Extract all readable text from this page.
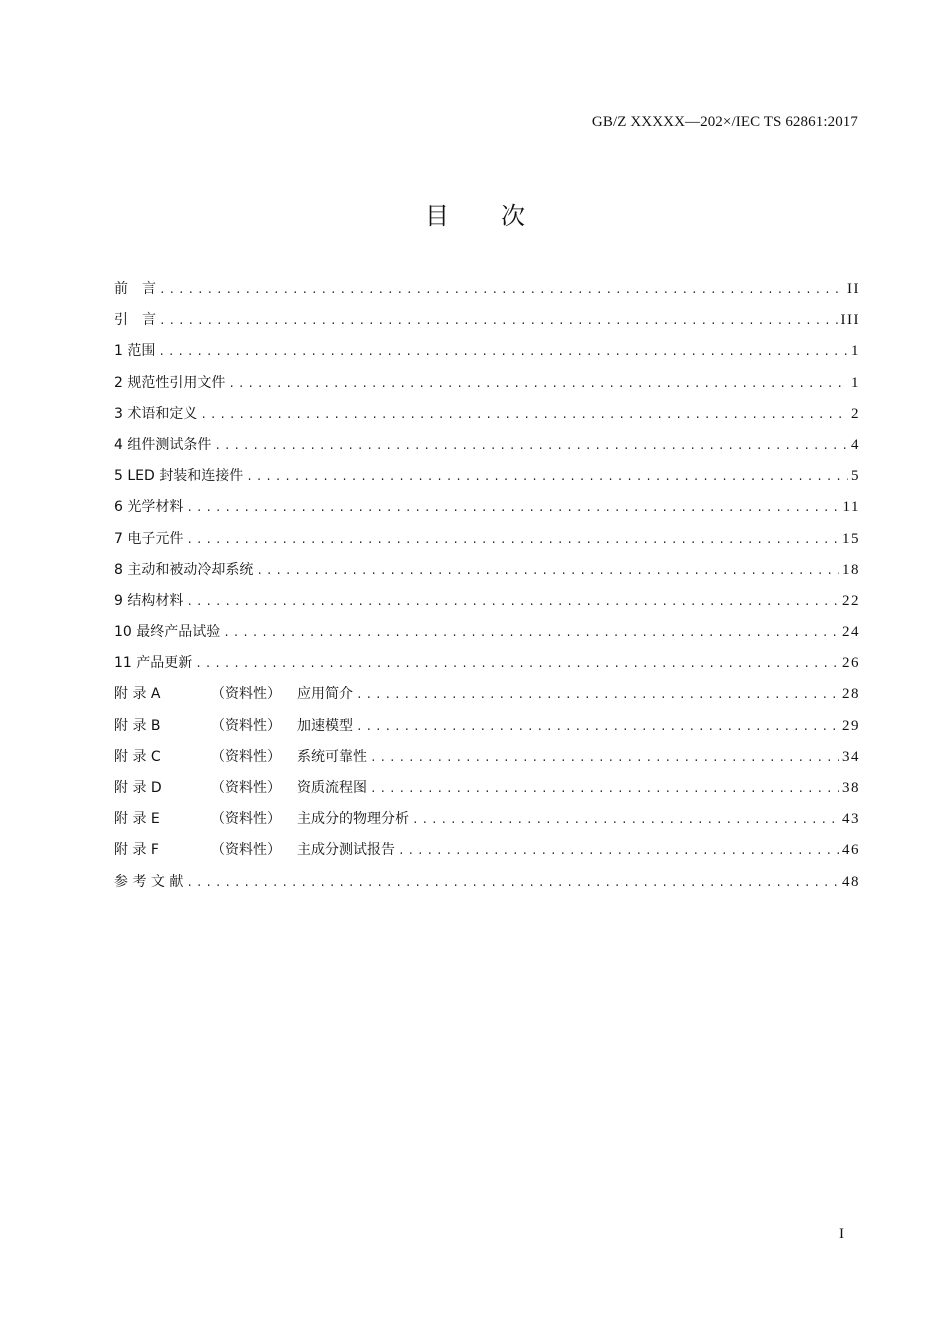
GB/Z XXXXX—202×/IEC TS 62861:2017
目 次
前　言 .....	II
引　言 .....	III
1 范围 .....	1
2 规范性引用文件 .....	1
3 术语和定义 .....	2
4 组件测试条件 .....	4
5 LED 封装和连接件 .....	5
6 光学材料 .....	11
7 电子元件 .....	15
8 主动和被动冷却系统 .....	18
9 结构材料 .....	22
10 最终产品试验 .....	24
11 产品更新 .....	26
附 录 A	（资料性） 应用简介 .....	28
附 录 B	（资料性） 加速模型 .....	29
附 录 C	（资料性） 系统可靠性 .....	34
附 录 D	（资料性） 资质流程图 .....	38
附 录 E	（资料性） 主成分的物理分析 .....	43
附 录 F	（资料性） 主成分测试报告 .....	46
参 考 文 献 .....	48
I
